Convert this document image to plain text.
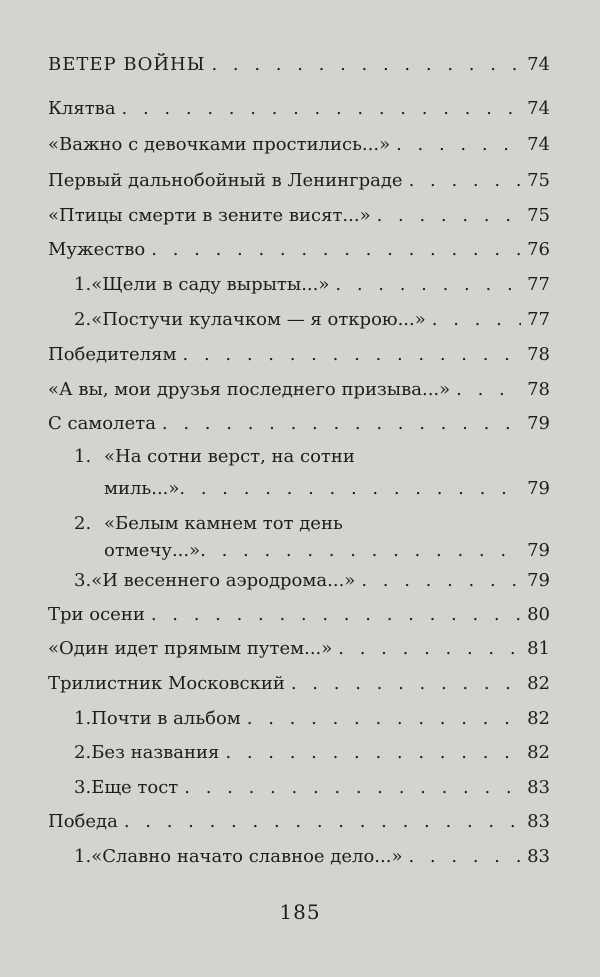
ВЕТЕР ВОЙНЫ . . .	74
Клятва . . .	74
«Важно с девочками простились...» . . .	74
Первый дальнобойный в Ленинграде . . .	75
«Птицы смерти в зените висят...» . . .	75
Мужество . . .	76
1. «Щели в саду вырыты...» . . .	77
2. «Постучи кулачком — я открою...» . . .	77
Победителям . . .	78
«А вы, мои друзья последнего призыва...» . . .	78
С самолета . . .	79
1. «На сотни верст, на сотни
миль...» . . .	79
2. «Белым камнем тот день
отмечу...» . . .	79
3. «И весеннего аэродрома...» . . .	79
Три осени . . .	80
«Один идет прямым путем...» . . .	81
Трилистник Московский . . .	82
1. Почти в альбом . . .	82
2. Без названия . . .	82
3. Еще тост . . .	83
Победа . . .	83
1. «Славно начато славное дело...» . . .	83
185
